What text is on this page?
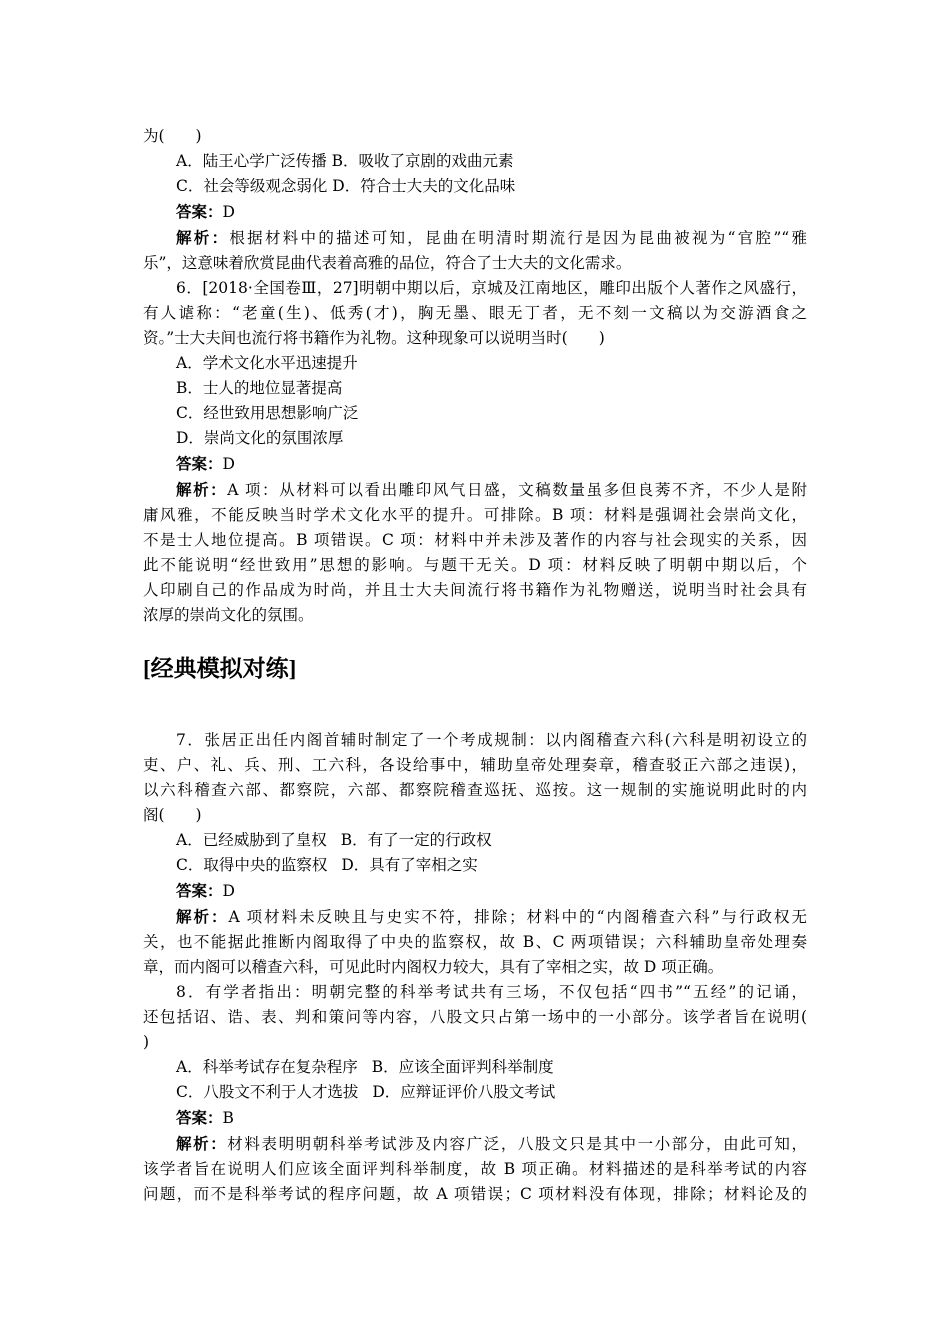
为(　　)
A．陆王心学广泛传播 B．吸收了京剧的戏曲元素
C．社会等级观念弱化 D．符合士大夫的文化品味
答案：D
解析：根据材料中的描述可知，昆曲在明清时期流行是因为昆曲被视为“官腔”“雅
乐”，这意味着欣赏昆曲代表着高雅的品位，符合了士大夫的文化需求。
6．[2018·全国卷Ⅲ，27]明朝中期以后，京城及江南地区，雕印出版个人著作之风盛行，
有人谑称：“老童(生)、低秀(才)，胸无墨、眼无丁者，无不刻一文稿以为交游酒食之
资。”士大夫间也流行将书籍作为礼物。这种现象可以说明当时(　　)
A．学术文化水平迅速提升
B．士人的地位显著提高
C．经世致用思想影响广泛
D．崇尚文化的氛围浓厚
答案：D
解析：A 项：从材料可以看出雕印风气日盛，文稿数量虽多但良莠不齐，不少人是附
庸风雅，不能反映当时学术文化水平的提升。可排除。B 项：材料是强调社会崇尚文化，
不是士人地位提高。B 项错误。C 项：材料中并未涉及著作的内容与社会现实的关系，因
此不能说明“经世致用”思想的影响。与题干无关。D 项：材料反映了明朝中期以后，个
人印刷自己的作品成为时尚，并且士大夫间流行将书籍作为礼物赠送，说明当时社会具有
浓厚的崇尚文化的氛围。
[经典模拟对练]
7．张居正出任内阁首辅时制定了一个考成规制：以内阁稽查六科(六科是明初设立的
吏、户、礼、兵、刑、工六科，各设给事中，辅助皇帝处理奏章，稽查驳正六部之违误)，
以六科稽查六部、都察院，六部、都察院稽查巡抚、巡按。这一规制的实施说明此时的内
阁(　　)
A．已经威胁到了皇权 B．有了一定的行政权
C．取得中央的监察权 D．具有了宰相之实
答案：D
解析：A 项材料未反映且与史实不符，排除；材料中的“内阁稽查六科”与行政权无
关，也不能据此推断内阁取得了中央的监察权，故 B、C 两项错误；六科辅助皇帝处理奏
章，而内阁可以稽查六科，可见此时内阁权力较大，具有了宰相之实，故 D 项正确。
8．有学者指出：明朝完整的科举考试共有三场，不仅包括“四书”“五经”的记诵，
还包括诏、诰、表、判和策问等内容，八股文只占第一场中的一小部分。该学者旨在说明(
)
A．科举考试存在复杂程序 B．应该全面评判科举制度
C．八股文不利于人才选拔 D．应辩证评价八股文考试
答案：B
解析：材料表明明朝科举考试涉及内容广泛，八股文只是其中一小部分，由此可知，
该学者旨在说明人们应该全面评判科举制度，故 B 项正确。材料描述的是科举考试的内容
问题，而不是科举考试的程序问题，故 A 项错误；C 项材料没有体现，排除；材料论及的
